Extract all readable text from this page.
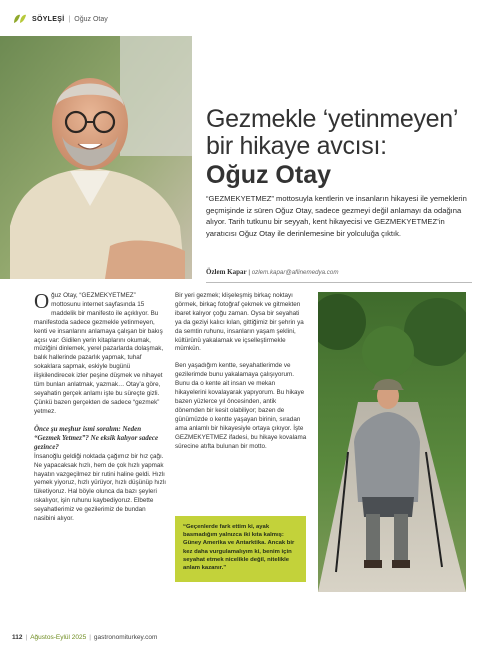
SÖYLEŞİ | Oğuz Otay
Gezmekle ‘yetinmeyen’
bir hikaye avcısı:
Oğuz Otay

“GEZMEKYETMEZ” mottosuyla kentlerin ve insanların hikayesi ile yemeklerin geçmişinde iz süren Oğuz Otay, sadece gezmeyi değil anlamayı da odağına alıyor. Tarih tutkunu bir seyyah, kent hikayecisi ve GEZMEKYETMEZ’in yaratıcısı Oğuz Otay ile derinlemesine bir yolculuğa çıktık.

Özlem Kapar | ozlem.kapar@aflinemedya.com

Oğuz Otay, “GEZMEKYETMEZ” mottosunu internet sayfasında 15 maddelik bir manifesto ile açıklıyor. Bu manifestoda sadece gezmekle yetinmeyen, kenti ve insanlarını anlamaya çalışan bir bakış açısı var: Gidilen yerin kitaplarını okumak, müziğini dinlemek, yerel pazarlarda dolaşmak, balık hallerinde pazarlık yapmak, tuhaf sokaklara sapmak, eskiyle bugünü ilişkilendirecek izler peşine düşmek ve nihayet tüm bunları anlatmak, yazmak… Otay’a göre, seyahatin gerçek anlamı işte bu süreçte gizli. Çünkü bazen gerçekten de sadece “gezmek” yetmez.

Önce şu meşhur ismi soralım: Neden “Gezmek Yetmez”? Ne eksik kalıyor sadece gezince?

İnsanoğlu geldiği noktada çağımız bir hız çağı. Ne yapacaksak hızlı, hem de çok hızlı yapmak hayatın vazgeçilmez bir rutini haline geldi. Hızlı yemek yiyoruz, hızlı yürüyor, hızlı düşünüp hızlı tüketiyoruz. Hal böyle olunca da bazı şeyleri ıskalıyor, işin ruhunu kaybediyoruz. Elbette seyahatlerimiz ve gezilerimiz de bundan nasibini alıyor.

Bir yeri gezmek; klişeleşmiş birkaç noktayı görmek, birkaç fotoğraf çekmek ve gitmekten ibaret kalıyor çoğu zaman. Oysa bir seyahati ya da geziyi kalıcı kılan, gittiğimiz bir şehrin ya da semtin ruhunu, insanların yaşam şeklini, kültürünü yakalamak ve içselleştirmekle mümkün.

Ben yaşadığım kentte, seyahatlerimde ve gezilerimde bunu yakalamaya çalışıyorum. Bunu da o kente ait insan ve mekan hikayelerini kovalayarak yapıyorum. Bu hikaye bazen yüzlerce yıl öncesinden, antik dönemden bir kesit olabiliyor; bazen de günümüzde o kentte yaşayan birinin, sıradan ama anlamlı bir hikayesiyle ortaya çıkıyor. İşte GEZMEKYETMEZ ifadesi, bu hikaye kovalama sürecine atıfta bulunan bir motto.

“Geçenlerde fark ettim ki, ayak basmadığım yalnızca iki kıta kalmış: Güney Amerika ve Antarktika. Ancak bir kez daha vurgulamalıyım ki, benim için seyahat etmek nicelikle değil, nitelikle anlam kazanır.”

112 | Ağustos-Eylül 2025 | gastronomiturkey.com
